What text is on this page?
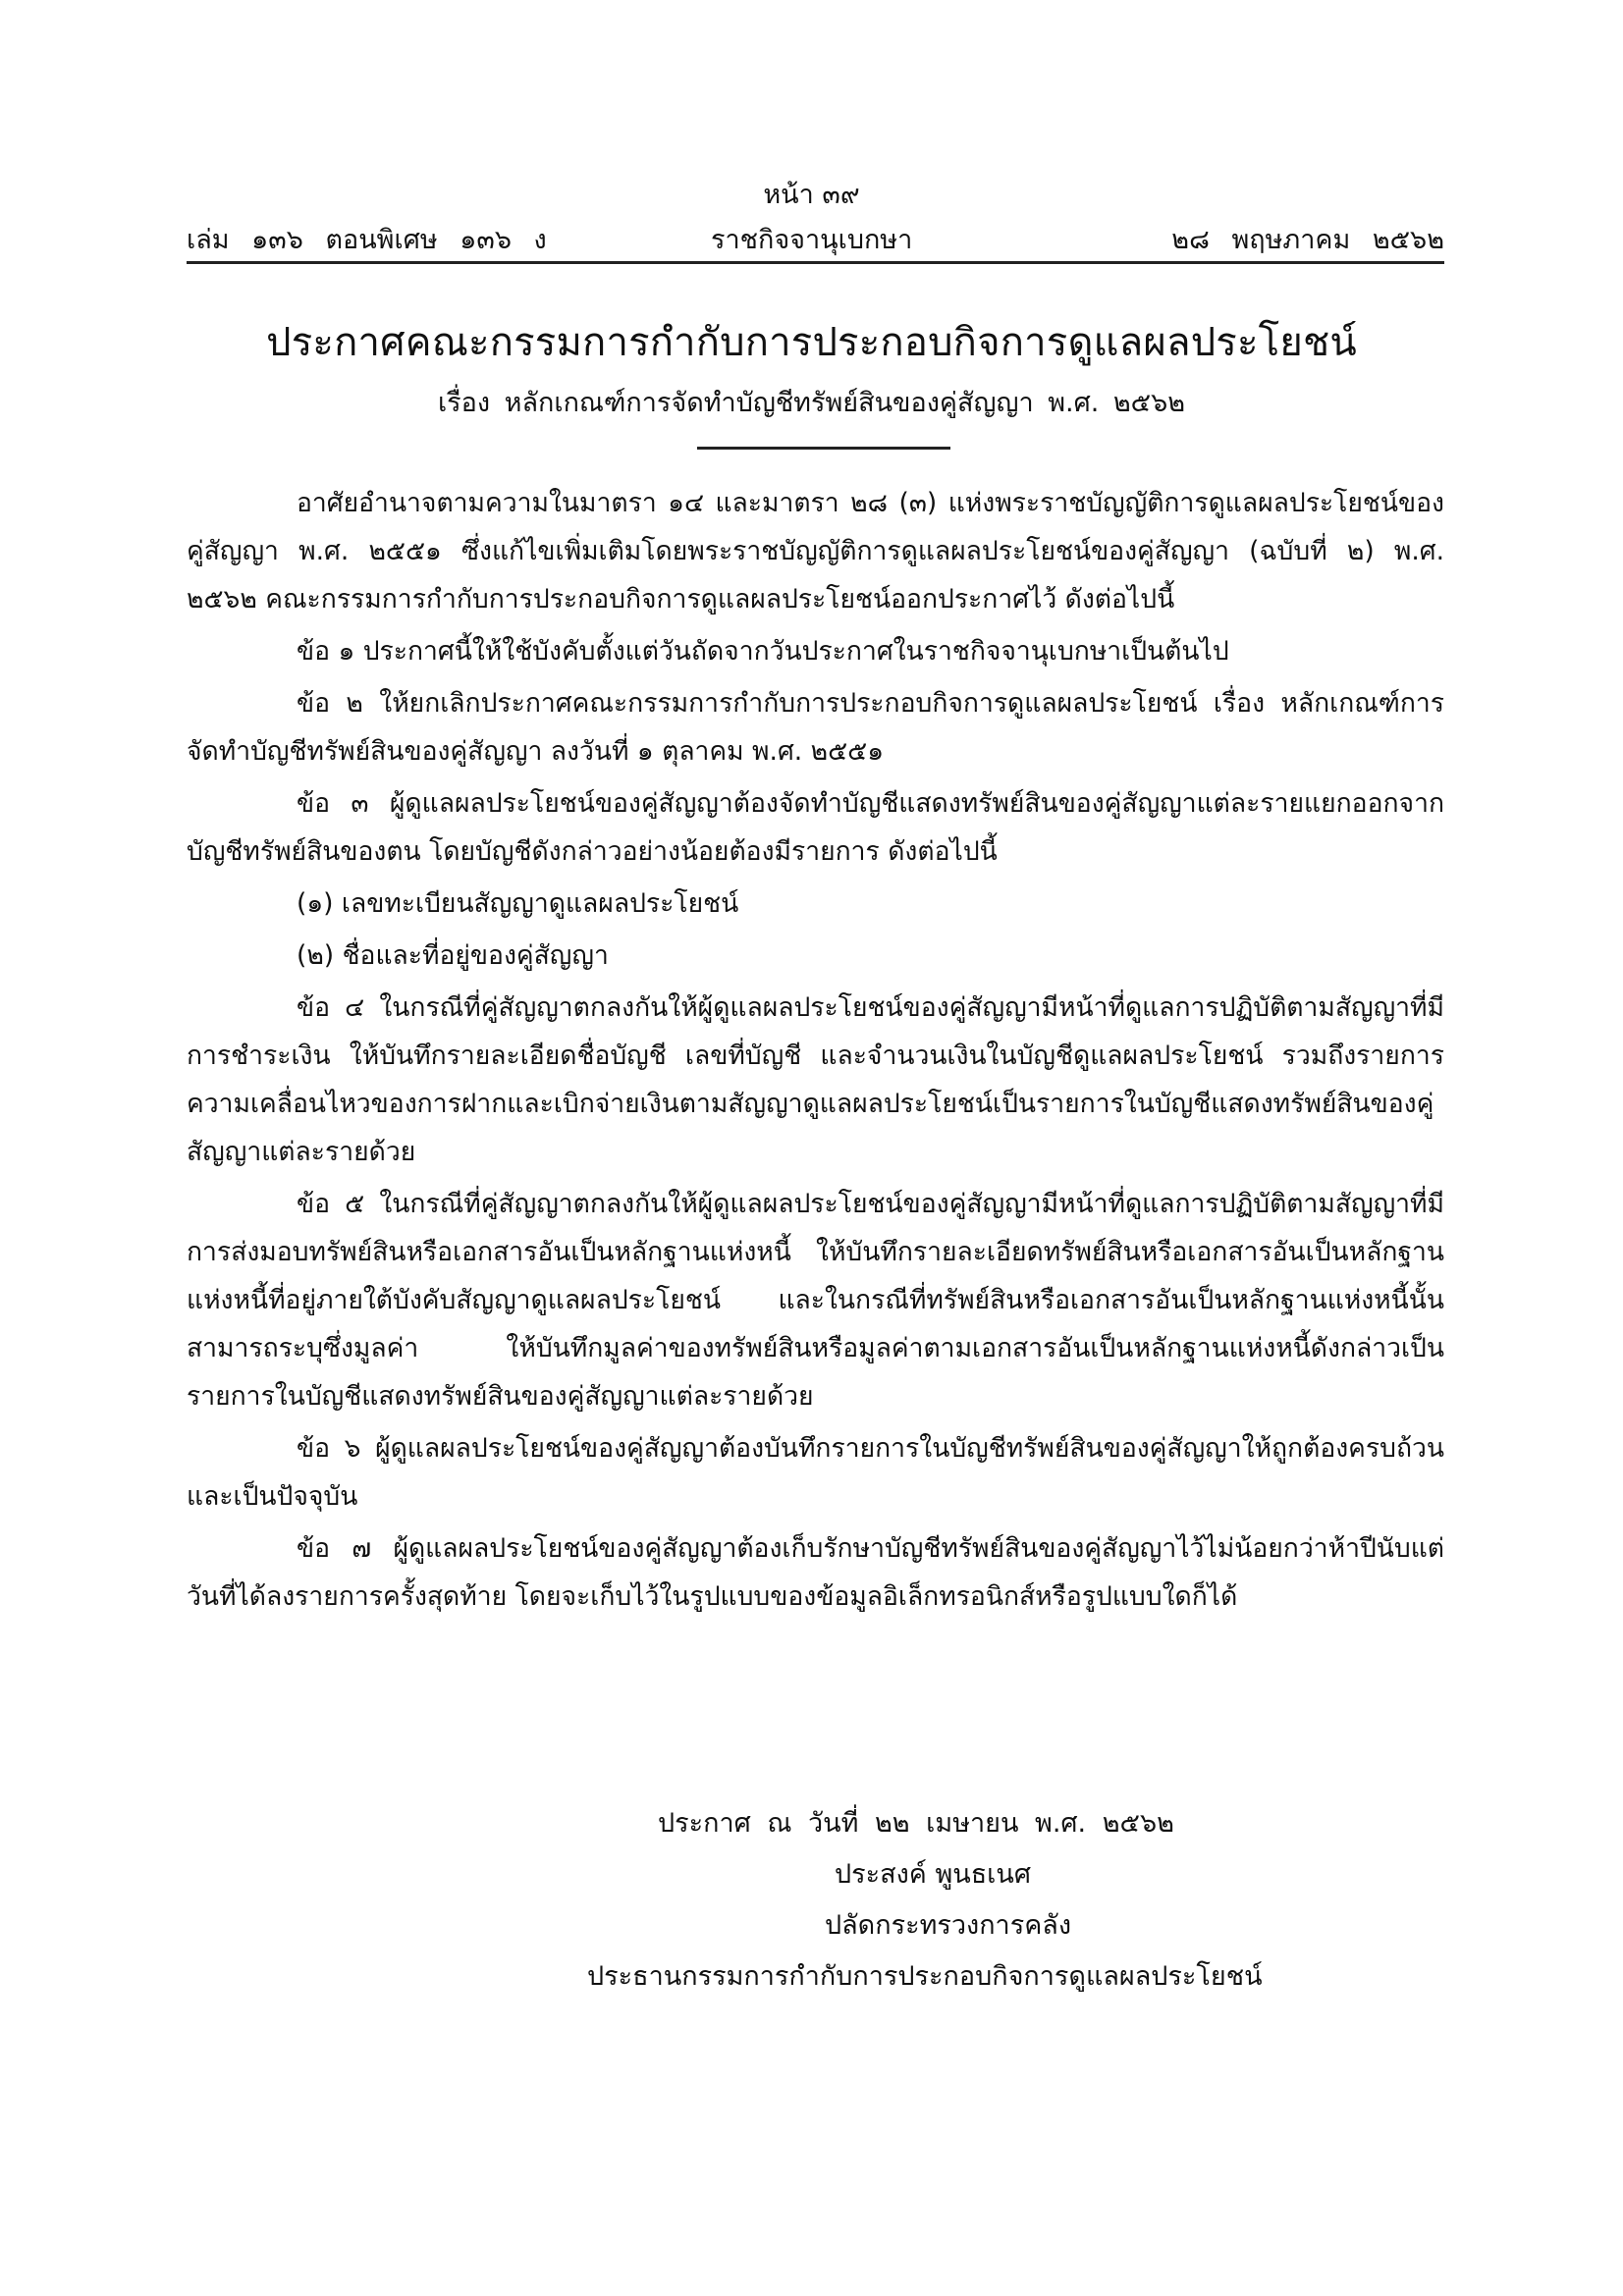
หน้า ๓๙
เล่ม ๑๓๖ ตอนพิเศษ ๑๓๖ ง	ราชกิจจานุเบกษา	๒๘ พฤษภาคม ๒๕๖๒
ประกาศคณะกรรมการกำกับการประกอบกิจการดูแลผลประโยชน์
เรื่อง หลักเกณฑ์การจัดทำบัญชีทรัพย์สินของคู่สัญญา พ.ศ. ๒๕๖๒

อาศัยอำนาจตามความในมาตรา ๑๔ และมาตรา ๒๘ (๓) แห่งพระราชบัญญัติการดูแลผลประโยชน์ของคู่สัญญา พ.ศ. ๒๕๕๑ ซึ่งแก้ไขเพิ่มเติมโดยพระราชบัญญัติการดูแลผลประโยชน์ของคู่สัญญา (ฉบับที่ ๒) พ.ศ. ๒๕๖๒ คณะกรรมการกำกับการประกอบกิจการดูแลผลประโยชน์ออกประกาศไว้ ดังต่อไปนี้

ข้อ ๑ ประกาศนี้ให้ใช้บังคับตั้งแต่วันถัดจากวันประกาศในราชกิจจานุเบกษาเป็นต้นไป

ข้อ ๒ ให้ยกเลิกประกาศคณะกรรมการกำกับการประกอบกิจการดูแลผลประโยชน์ เรื่อง หลักเกณฑ์การจัดทำบัญชีทรัพย์สินของคู่สัญญา ลงวันที่ ๑ ตุลาคม พ.ศ. ๒๕๕๑

ข้อ ๓ ผู้ดูแลผลประโยชน์ของคู่สัญญาต้องจัดทำบัญชีแสดงทรัพย์สินของคู่สัญญาแต่ละรายแยกออกจากบัญชีทรัพย์สินของตน โดยบัญชีดังกล่าวอย่างน้อยต้องมีรายการ ดังต่อไปนี้

(๑) เลขทะเบียนสัญญาดูแลผลประโยชน์

(๒) ชื่อและที่อยู่ของคู่สัญญา

ข้อ ๔ ในกรณีที่คู่สัญญาตกลงกันให้ผู้ดูแลผลประโยชน์ของคู่สัญญามีหน้าที่ดูแลการปฏิบัติตามสัญญาที่มีการชำระเงิน ให้บันทึกรายละเอียดชื่อบัญชี เลขที่บัญชี และจำนวนเงินในบัญชีดูแลผลประโยชน์ รวมถึงรายการความเคลื่อนไหวของการฝากและเบิกจ่ายเงินตามสัญญาดูแลผลประโยชน์เป็นรายการในบัญชีแสดงทรัพย์สินของคู่สัญญาแต่ละรายด้วย

ข้อ ๕ ในกรณีที่คู่สัญญาตกลงกันให้ผู้ดูแลผลประโยชน์ของคู่สัญญามีหน้าที่ดูแลการปฏิบัติตามสัญญาที่มีการส่งมอบทรัพย์สินหรือเอกสารอันเป็นหลักฐานแห่งหนี้ ให้บันทึกรายละเอียดทรัพย์สินหรือเอกสารอันเป็นหลักฐานแห่งหนี้ที่อยู่ภายใต้บังคับสัญญาดูแลผลประโยชน์ และในกรณีที่ทรัพย์สินหรือเอกสารอันเป็นหลักฐานแห่งหนี้นั้นสามารถระบุซึ่งมูลค่า ให้บันทึกมูลค่าของทรัพย์สินหรือมูลค่าตามเอกสารอันเป็นหลักฐานแห่งหนี้ดังกล่าวเป็นรายการในบัญชีแสดงทรัพย์สินของคู่สัญญาแต่ละรายด้วย

ข้อ ๖ ผู้ดูแลผลประโยชน์ของคู่สัญญาต้องบันทึกรายการในบัญชีทรัพย์สินของคู่สัญญาให้ถูกต้องครบถ้วนและเป็นปัจจุบัน

ข้อ ๗ ผู้ดูแลผลประโยชน์ของคู่สัญญาต้องเก็บรักษาบัญชีทรัพย์สินของคู่สัญญาไว้ไม่น้อยกว่าห้าปีนับแต่วันที่ได้ลงรายการครั้งสุดท้าย โดยจะเก็บไว้ในรูปแบบของข้อมูลอิเล็กทรอนิกส์หรือรูปแบบใดก็ได้

ประกาศ ณ วันที่ ๒๒ เมษายน พ.ศ. ๒๕๖๒
ประสงค์ พูนธเนศ
ปลัดกระทรวงการคลัง
ประธานกรรมการกำกับการประกอบกิจการดูแลผลประโยชน์
